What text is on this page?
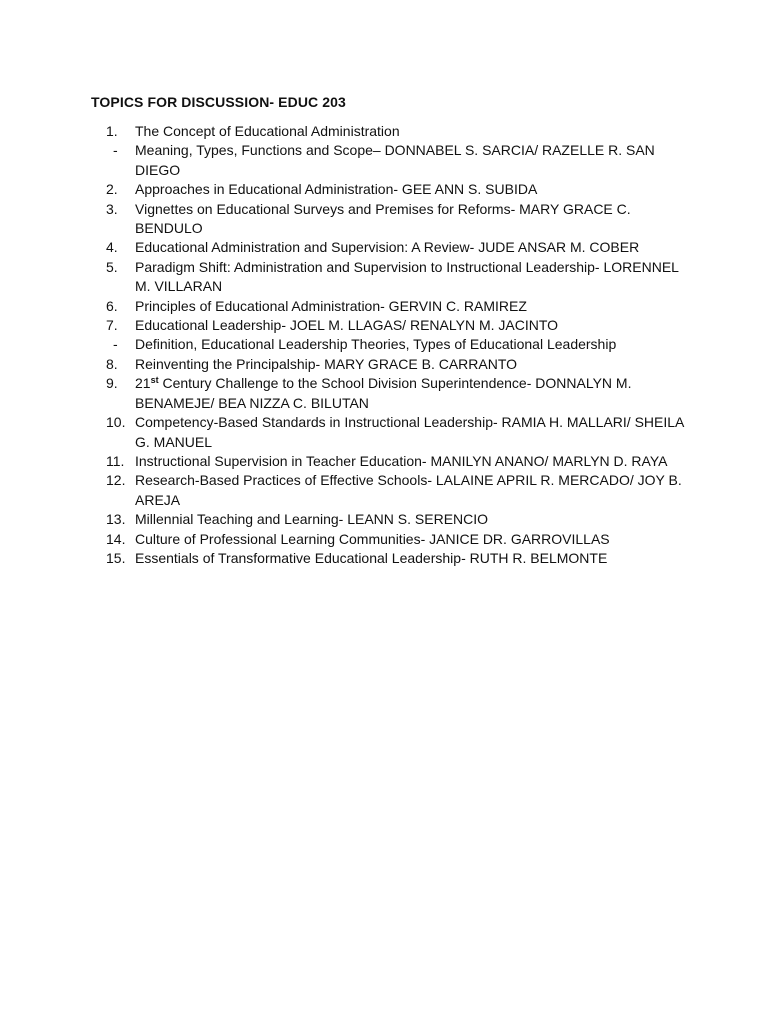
TOPICS FOR DISCUSSION- EDUC 203
1.	The Concept of Educational Administration
-	Meaning, Types, Functions and Scope– DONNABEL S. SARCIA/ RAZELLE R. SAN DIEGO
2.	Approaches in Educational Administration- GEE ANN S. SUBIDA
3.	Vignettes on Educational Surveys and Premises for Reforms- MARY GRACE C. BENDULO
4.	Educational Administration and Supervision: A Review- JUDE ANSAR M. COBER
5.	Paradigm Shift: Administration and Supervision to Instructional Leadership- LORENNEL M. VILLARAN
6.	Principles of Educational Administration- GERVIN C. RAMIREZ
7.	Educational Leadership- JOEL M. LLAGAS/ RENALYN M. JACINTO
-	Definition, Educational Leadership Theories, Types of Educational Leadership
8.	Reinventing the Principalship- MARY GRACE B. CARRANTO
9.	21st Century Challenge to the School Division Superintendence- DONNALYN M. BENAMEJE/ BEA NIZZA C. BILUTAN
10. Competency-Based Standards in Instructional Leadership- RAMIA H. MALLARI/ SHEILA G. MANUEL
11. Instructional Supervision in Teacher Education- MANILYN ANANO/ MARLYN D. RAYA
12. Research-Based Practices of Effective Schools- LALAINE APRIL R. MERCADO/ JOY B. AREJA
13. Millennial Teaching and Learning- LEANN S. SERENCIO
14. Culture of Professional Learning Communities- JANICE DR. GARROVILLAS
15. Essentials of Transformative Educational Leadership- RUTH R. BELMONTE
